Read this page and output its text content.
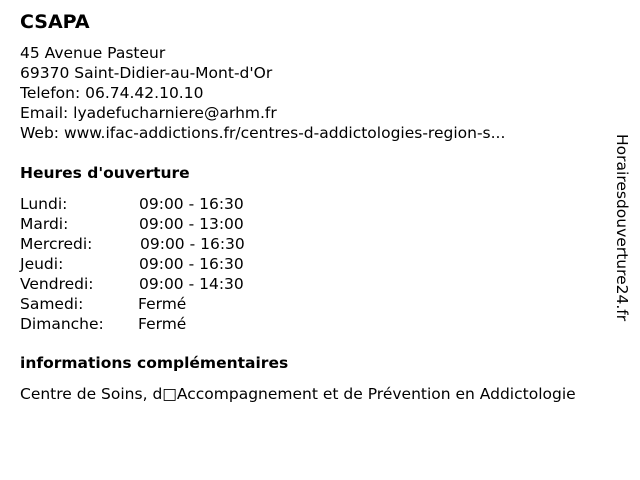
CSAPA
45 Avenue Pasteur
69370 Saint-Didier-au-Mont-d'Or
Telefon: 06.74.42.10.10
Email: lyadefucharniere@arhm.fr
Web: www.ifac-addictions.fr/centres-d-addictologies-region-s...
Heures d'ouverture
Lundi:	09:00 - 16:30
Mardi:	09:00 - 13:00
Mercredi:	09:00 - 16:30
Jeudi:	09:00 - 16:30
Vendredi:	09:00 - 14:30
Samedi:	Fermé
Dimanche: Fermé
informations complémentaires
Centre de Soins, d□Accompagnement et de Prévention en Addictologie
Horairesdouverture24.fr
